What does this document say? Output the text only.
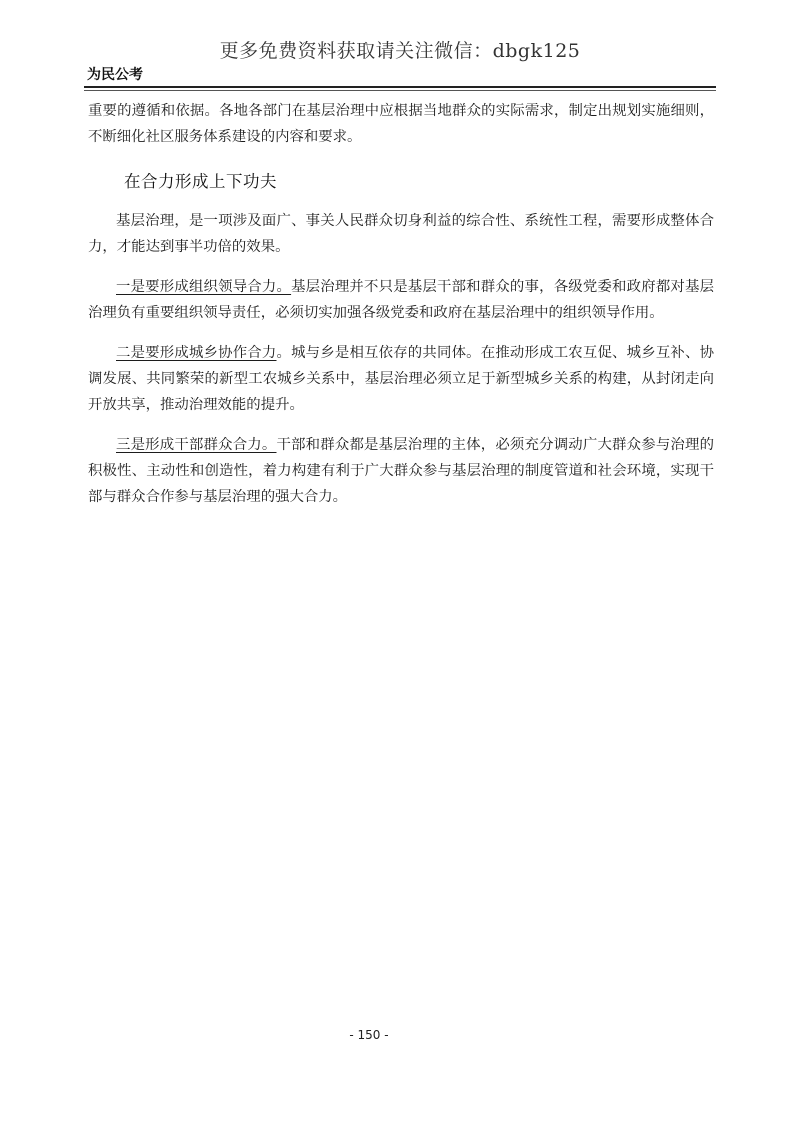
更多免费资料获取请关注微信：dbgk125
为民公考

重要的遵循和依据。各地各部门在基层治理中应根据当地群众的实际需求，制定出规划实施细则，不断细化社区服务体系建设的内容和要求。

在合力形成上下功夫

基层治理，是一项涉及面广、事关人民群众切身利益的综合性、系统性工程，需要形成整体合力，才能达到事半功倍的效果。

一是要形成组织领导合力。基层治理并不只是基层干部和群众的事，各级党委和政府都对基层治理负有重要组织领导责任，必须切实加强各级党委和政府在基层治理中的组织领导作用。

二是要形成城乡协作合力。城与乡是相互依存的共同体。在推动形成工农互促、城乡互补、协调发展、共同繁荣的新型工农城乡关系中，基层治理必须立足于新型城乡关系的构建，从封闭走向开放共享，推动治理效能的提升。

三是形成干部群众合力。干部和群众都是基层治理的主体，必须充分调动广大群众参与治理的积极性、主动性和创造性，着力构建有利于广大群众参与基层治理的制度管道和社会环境，实现干部与群众合作参与基层治理的强大合力。

- 150 -
